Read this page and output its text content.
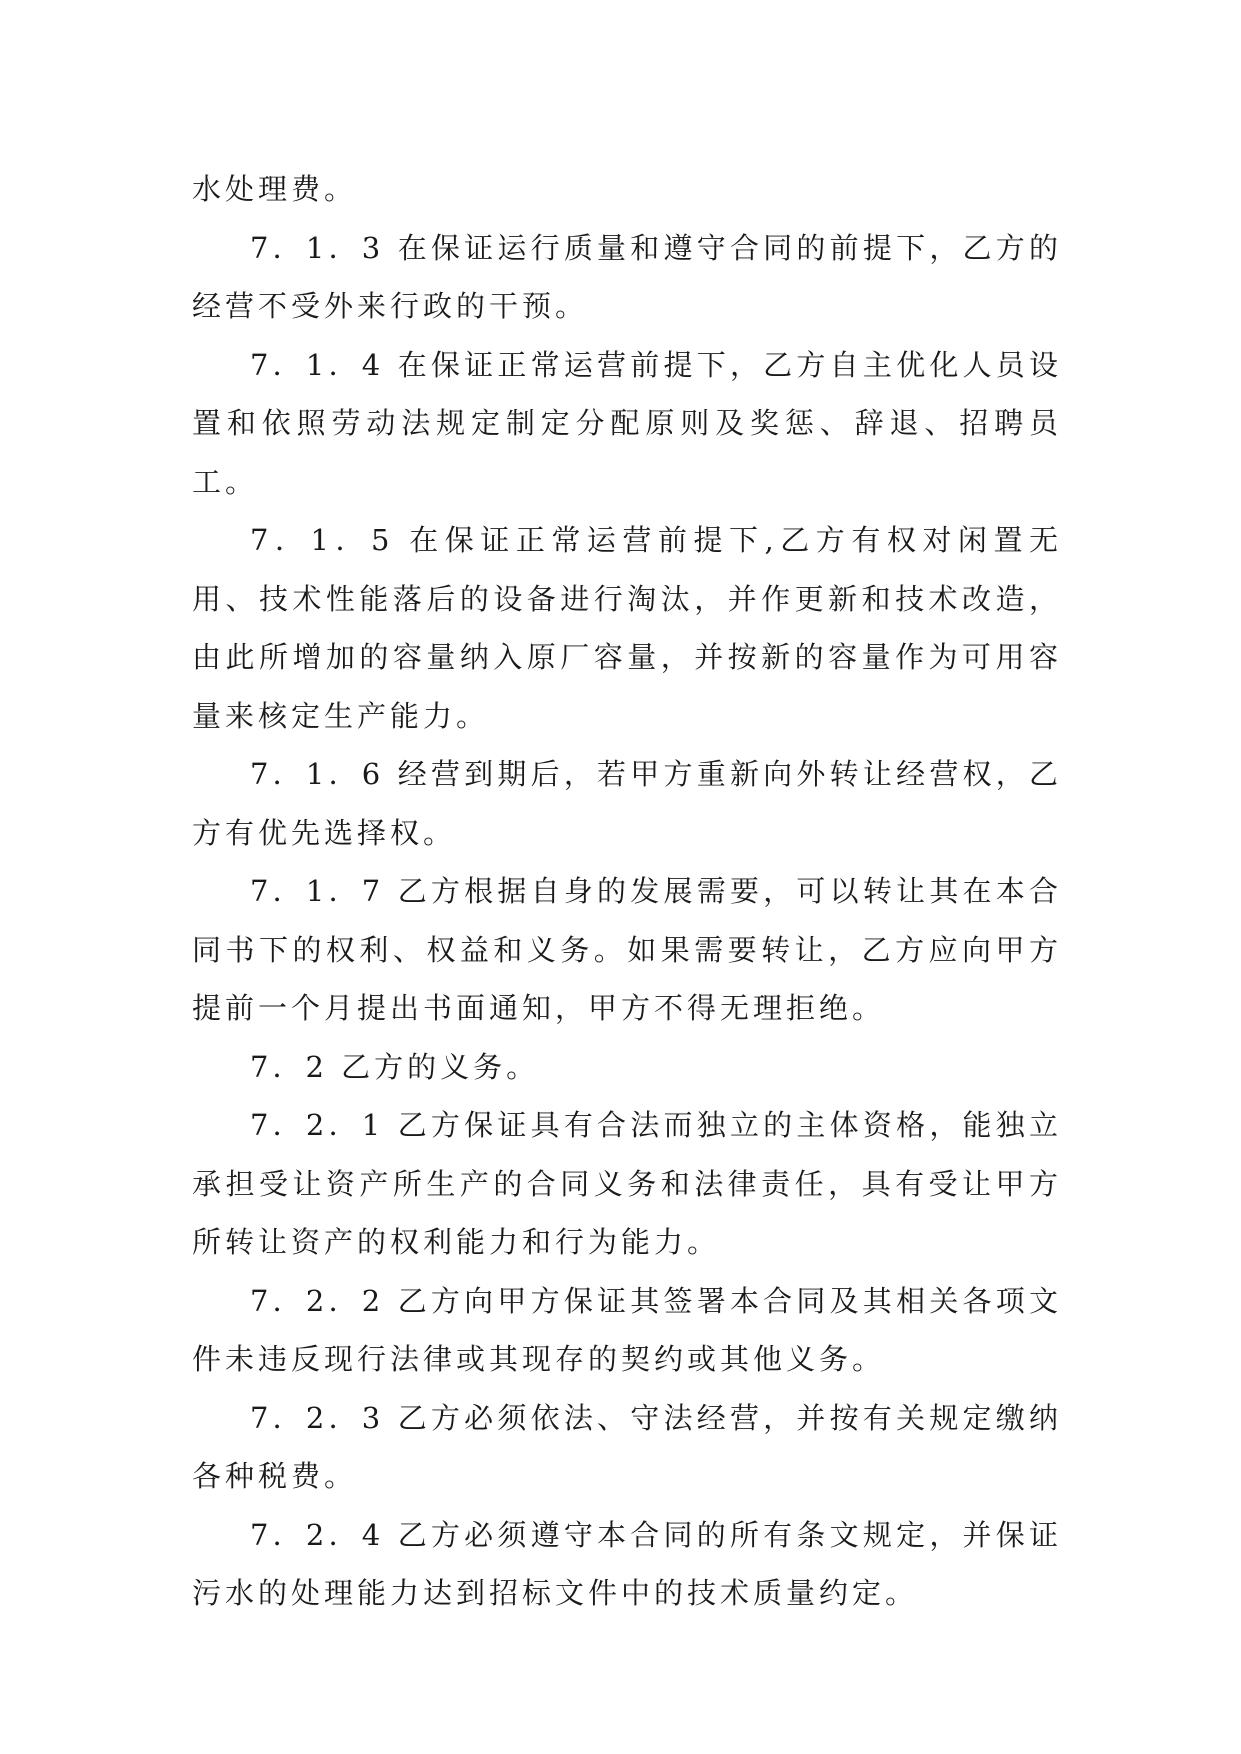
水处理费。

7．1．3 在保证运行质量和遵守合同的前提下，乙方的经营不受外来行政的干预。

7．1．4 在保证正常运营前提下，乙方自主优化人员设置和依照劳动法规定制定分配原则及奖惩、辞退、招聘员工。

7．1．5 在保证正常运营前提下,乙方有权对闲置无用、技术性能落后的设备进行淘汰，并作更新和技术改造，由此所增加的容量纳入原厂容量，并按新的容量作为可用容量来核定生产能力。

7．1．6 经营到期后，若甲方重新向外转让经营权，乙方有优先选择权。

7．1．7 乙方根据自身的发展需要，可以转让其在本合同书下的权利、权益和义务。如果需要转让，乙方应向甲方提前一个月提出书面通知，甲方不得无理拒绝。

7．2 乙方的义务。

7．2．1 乙方保证具有合法而独立的主体资格，能独立承担受让资产所生产的合同义务和法律责任，具有受让甲方所转让资产的权利能力和行为能力。

7．2．2 乙方向甲方保证其签署本合同及其相关各项文件未违反现行法律或其现存的契约或其他义务。

7．2．3 乙方必须依法、守法经营，并按有关规定缴纳各种税费。

7．2．4 乙方必须遵守本合同的所有条文规定，并保证污水的处理能力达到招标文件中的技术质量约定。
